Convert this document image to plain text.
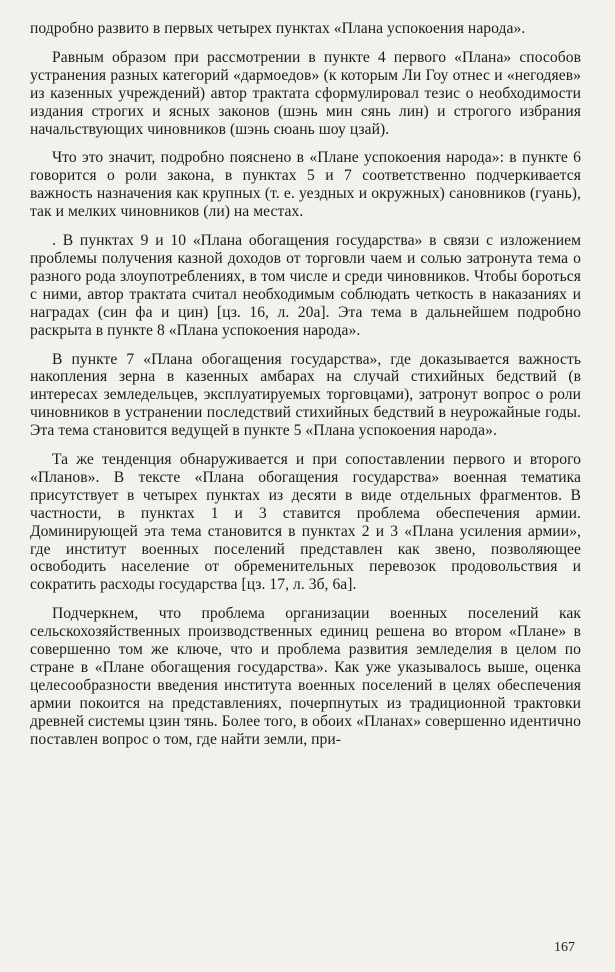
подробно развито в первых четырех пунктах «Плана успокоения народа».

Равным образом при рассмотрении в пункте 4 первого «Плана» способов устранения разных категорий «дармоедов» (к которым Ли Гоу отнес и «негодяев» из казенных учреждений) автор трактата сформулировал тезис о необходимости издания строгих и ясных законов (шэнь мин сянь лин) и строгого избрания начальствующих чиновников (шэнь сюань шоу цзай).

Что это значит, подробно пояснено в «Плане успокоения народа»: в пункте 6 говорится о роли закона, в пунктах 5 и 7 соответственно подчеркивается важность назначения как крупных (т. е. уездных и окружных) сановников (гуань), так и мелких чиновников (ли) на местах.

. В пунктах 9 и 10 «Плана обогащения государства» в связи с изложением проблемы получения казной доходов от торговли чаем и солью затронута тема о разного рода злоупотреблениях, в том числе и среди чиновников. Чтобы бороться с ними, автор трактата считал необходимым соблюдать четкость в наказаниях и наградах (син фа и цин) [цз. 16, л. 20а]. Эта тема в дальнейшем подробно раскрыта в пункте 8 «Плана успокоения народа».

В пункте 7 «Плана обогащения государства», где доказывается важность накопления зерна в казенных амбарах на случай стихийных бедствий (в интересах земледельцев, эксплуатируемых торговцами), затронут вопрос о роли чиновников в устранении последствий стихийных бедствий в неурожайные годы. Эта тема становится ведущей в пункте 5 «Плана успокоения народа».

Та же тенденция обнаруживается и при сопоставлении первого и второго «Планов». В тексте «Плана обогащения государства» военная тематика присутствует в четырех пунктах из десяти в виде отдельных фрагментов. В частности, в пунктах 1 и 3 ставится проблема обеспечения армии. Доминирующей эта тема становится в пунктах 2 и 3 «Плана усиления армии», где институт военных поселений представлен как звено, позволяющее освободить население от обременительных перевозок продовольствия и сократить расходы государства [цз. 17, л. 3б, 6а].

Подчеркнем, что проблема организации военных поселений как сельскохозяйственных производственных единиц решена во втором «Плане» в совершенно том же ключе, что и проблема развития земледелия в целом по стране в «Плане обогащения государства». Как уже указывалось выше, оценка целесообразности введения института военных поселений в целях обеспечения армии покоится на представлениях, почерпнутых из традиционной трактовки древней системы цзин тянь. Более того, в обоих «Планах» совершенно идентично поставлен вопрос о том, где найти земли, при-

167
